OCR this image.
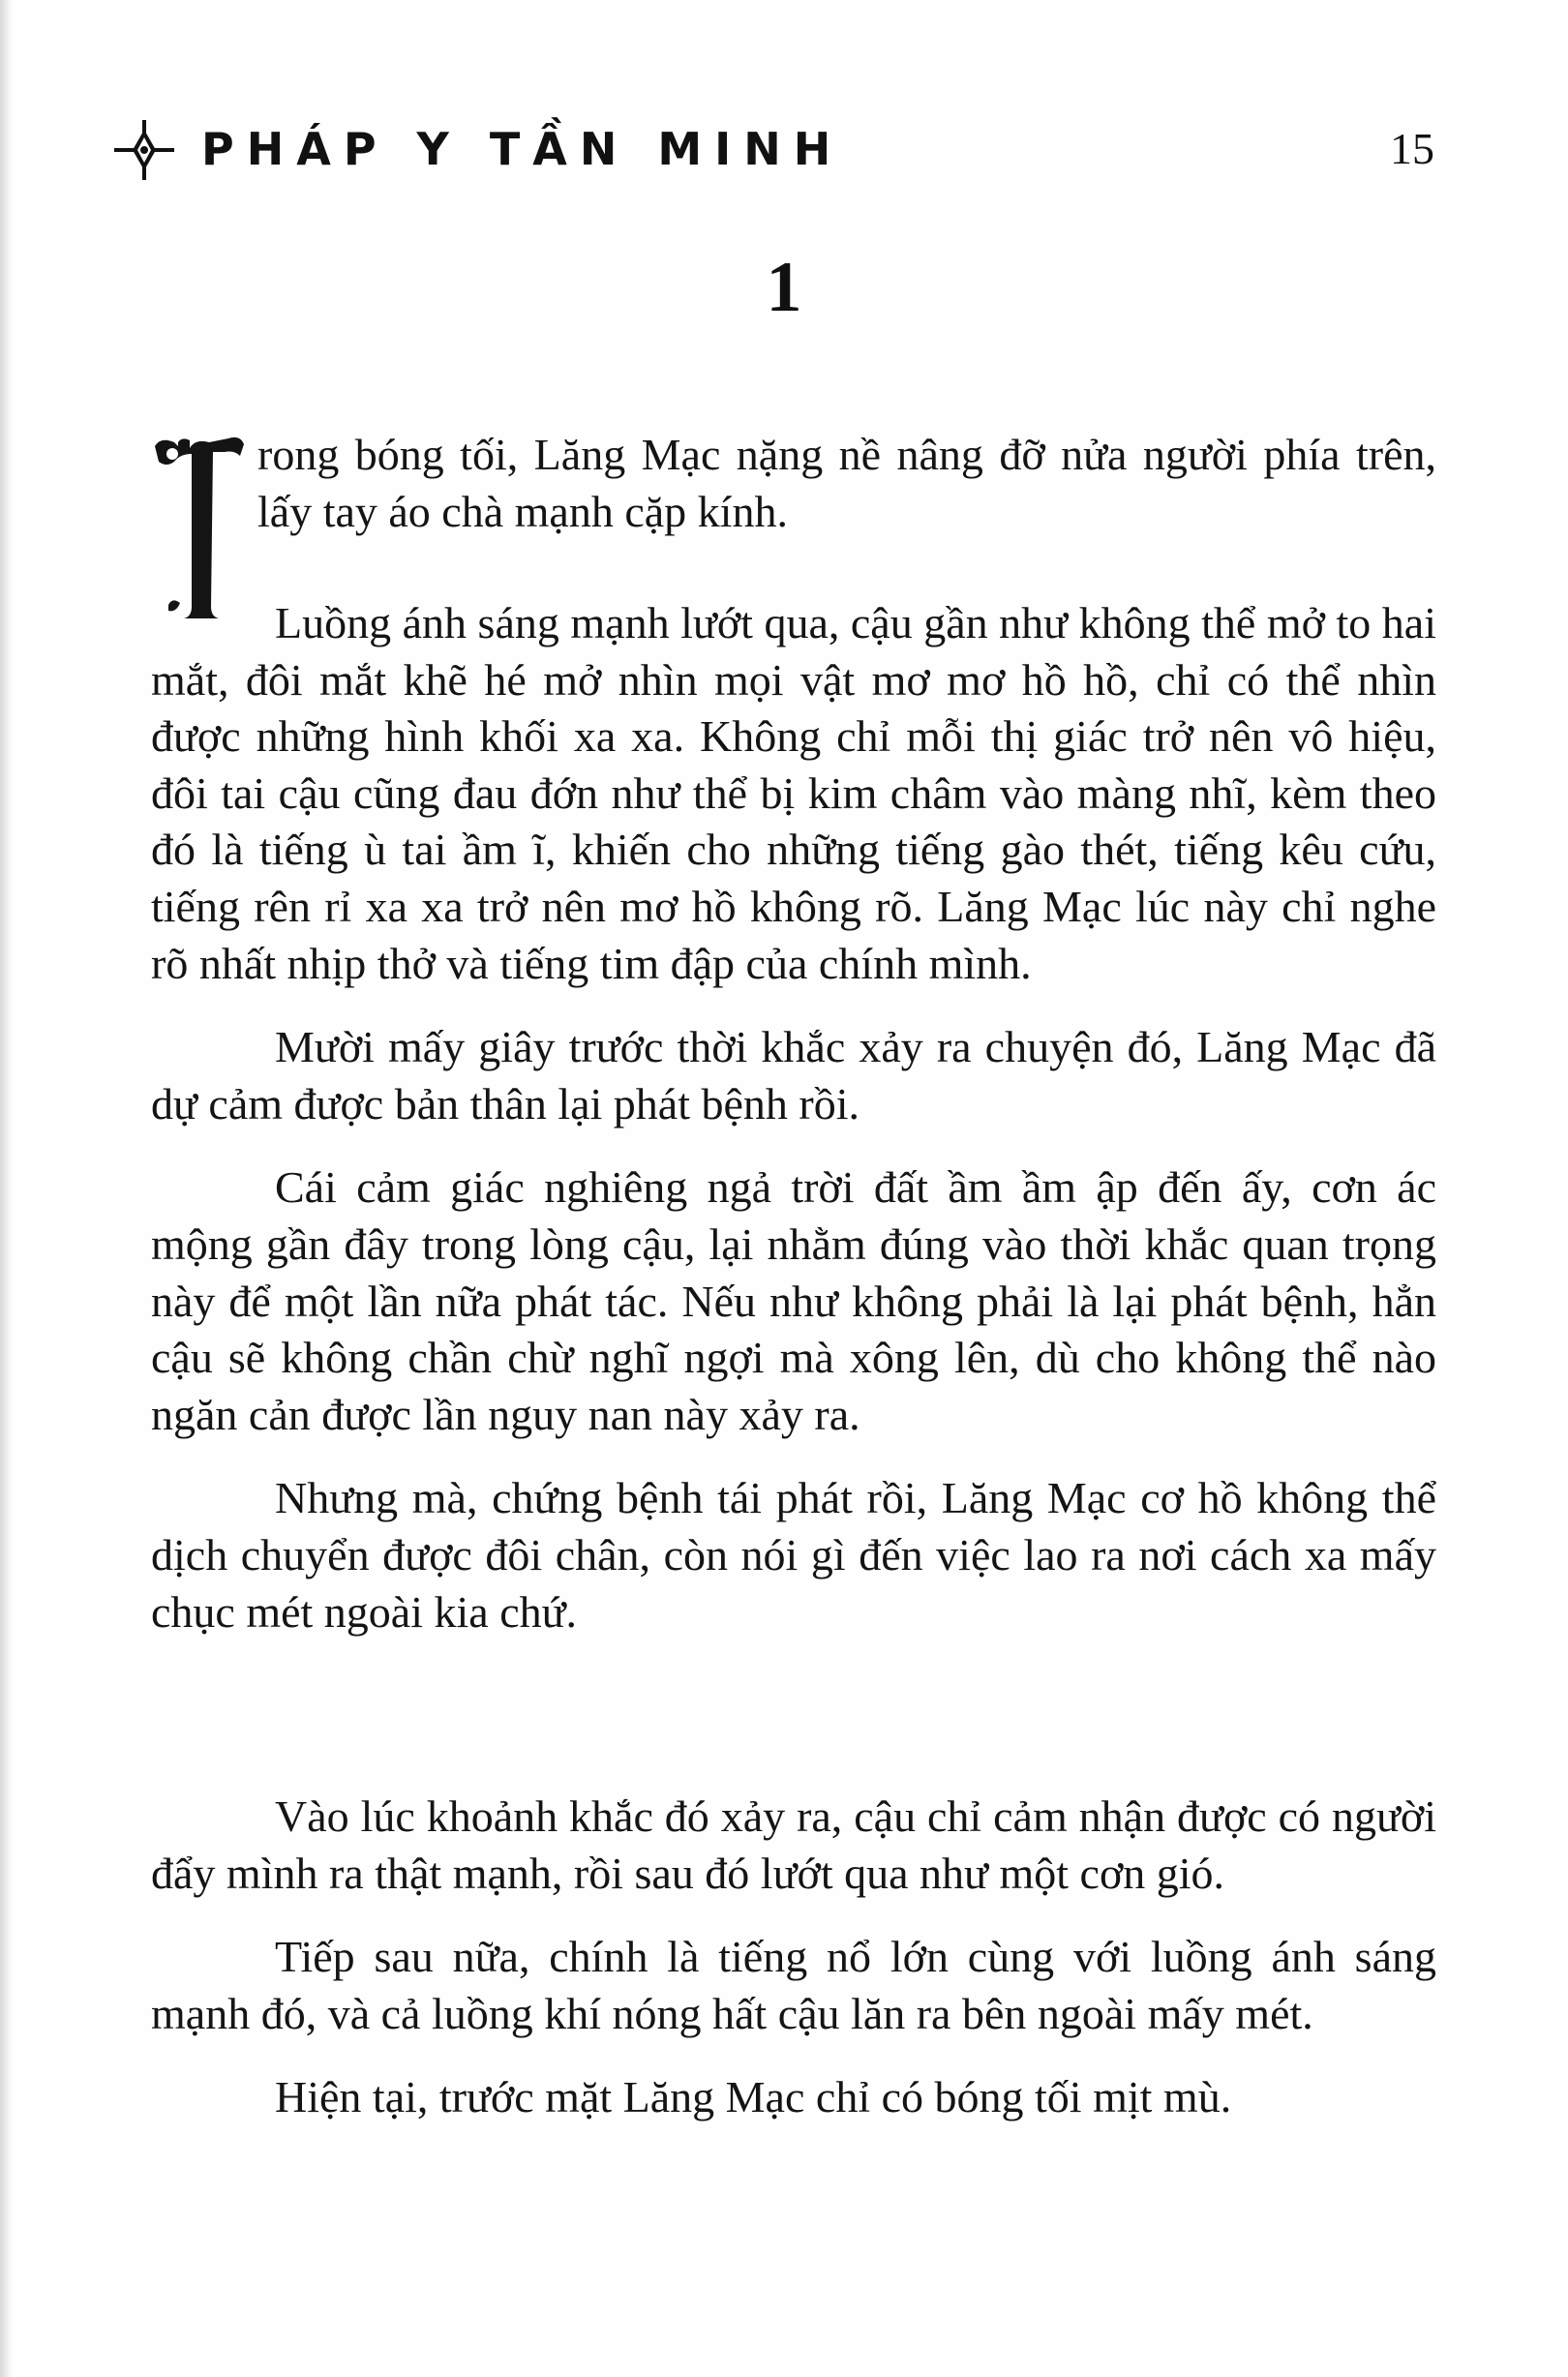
PHÁP Y TẦN MINH	15
1

rong bóng tối, Lăng Mạc nặng nề nâng đỡ nửa người phía trên, lấy tay áo chà mạnh cặp kính.

Luồng ánh sáng mạnh lướt qua, cậu gần như không thể mở to hai mắt, đôi mắt khẽ hé mở nhìn mọi vật mơ mơ hồ hồ, chỉ có thể nhìn được những hình khối xa xa. Không chỉ mỗi thị giác trở nên vô hiệu, đôi tai cậu cũng đau đớn như thể bị kim châm vào màng nhĩ, kèm theo đó là tiếng ù tai ầm ĩ, khiến cho những tiếng gào thét, tiếng kêu cứu, tiếng rên rỉ xa xa trở nên mơ hồ không rõ. Lăng Mạc lúc này chỉ nghe rõ nhất nhịp thở và tiếng tim đập của chính mình.

Mười mấy giây trước thời khắc xảy ra chuyện đó, Lăng Mạc đã dự cảm được bản thân lại phát bệnh rồi.

Cái cảm giác nghiêng ngả trời đất ầm ầm ập đến ấy, cơn ác mộng gần đây trong lòng cậu, lại nhằm đúng vào thời khắc quan trọng này để một lần nữa phát tác. Nếu như không phải là lại phát bệnh, hẳn cậu sẽ không chần chừ nghĩ ngợi mà xông lên, dù cho không thể nào ngăn cản được lần nguy nan này xảy ra.

Nhưng mà, chứng bệnh tái phát rồi, Lăng Mạc cơ hồ không thể dịch chuyển được đôi chân, còn nói gì đến việc lao ra nơi cách xa mấy chục mét ngoài kia chứ.

Vào lúc khoảnh khắc đó xảy ra, cậu chỉ cảm nhận được có người đẩy mình ra thật mạnh, rồi sau đó lướt qua như một cơn gió.

Tiếp sau nữa, chính là tiếng nổ lớn cùng với luồng ánh sáng mạnh đó, và cả luồng khí nóng hất cậu lăn ra bên ngoài mấy mét.

Hiện tại, trước mặt Lăng Mạc chỉ có bóng tối mịt mù.
